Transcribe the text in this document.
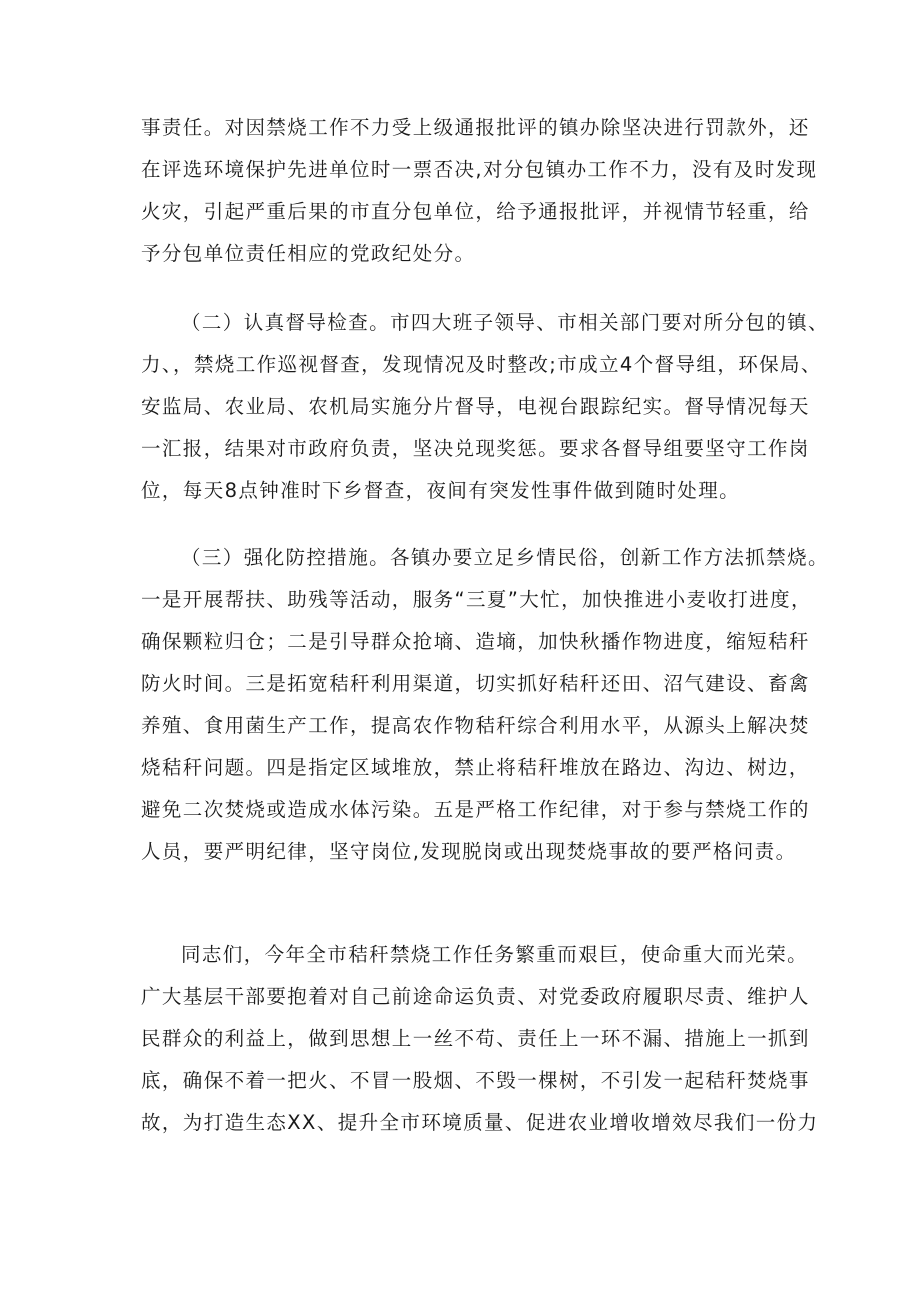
事责任。对因禁烧工作不力受上级通报批评的镇办除坚决进行罚款外，还
在评选环境保护先进单位时一票否决,对分包镇办工作不力，没有及时发现
火灾，引起严重后果的市直分包单位，给予通报批评，并视情节轻重，给
予分包单位责任相应的党政纪处分。
（二）认真督导检查。市四大班子领导、市相关部门要对所分包的镇、
力、，禁烧工作巡视督查，发现情况及时整改;市成立4个督导组，环保局、
安监局、农业局、农机局实施分片督导，电视台跟踪纪实。督导情况每天
一汇报，结果对市政府负责，坚决兑现奖惩。要求各督导组要坚守工作岗
位，每天8点钟准时下乡督查，夜间有突发性事件做到随时处理。
（三）强化防控措施。各镇办要立足乡情民俗，创新工作方法抓禁烧。
一是开展帮扶、助残等活动，服务“三夏”大忙，加快推进小麦收打进度，
确保颗粒归仓；二是引导群众抢墒、造墒，加快秋播作物进度，缩短秸秆
防火时间。三是拓宽秸秆利用渠道，切实抓好秸秆还田、沼气建设、畜禽
养殖、食用菌生产工作，提高农作物秸秆综合利用水平，从源头上解决焚
烧秸秆问题。四是指定区域堆放，禁止将秸秆堆放在路边、沟边、树边，
避免二次焚烧或造成水体污染。五是严格工作纪律，对于参与禁烧工作的
人员，要严明纪律，坚守岗位,发现脱岗或出现焚烧事故的要严格问责。
同志们，今年全市秸秆禁烧工作任务繁重而艰巨，使命重大而光荣。
广大基层干部要抱着对自己前途命运负责、对党委政府履职尽责、维护人
民群众的利益上，做到思想上一丝不苟、责任上一环不漏、措施上一抓到
底，确保不着一把火、不冒一股烟、不毁一棵树，不引发一起秸秆焚烧事
故，为打造生态XX、提升全市环境质量、促进农业增收增效尽我们一份力
